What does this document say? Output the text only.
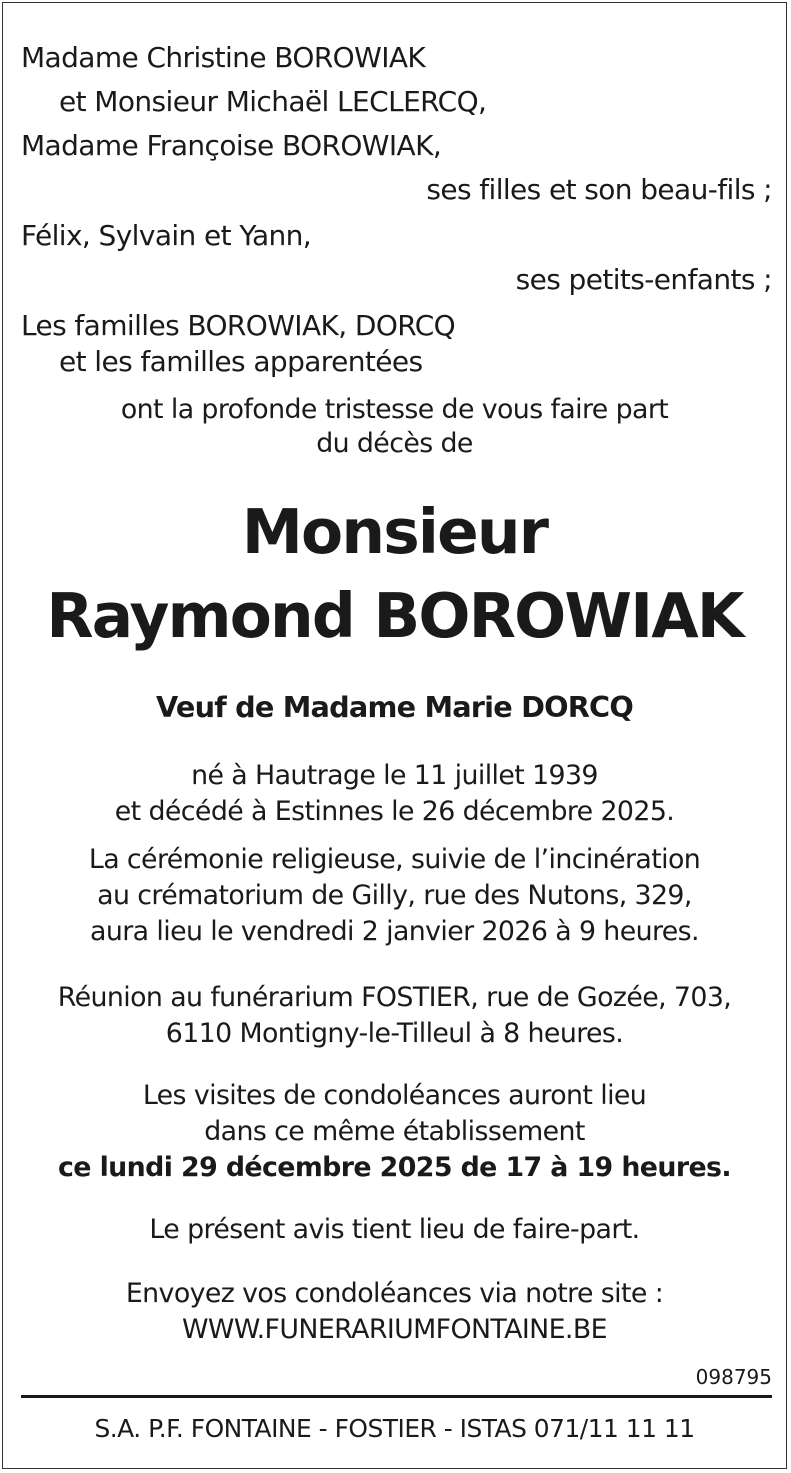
Madame Christine BOROWIAK
et Monsieur Michaël LECLERCQ,
Madame Françoise BOROWIAK,
ses filles et son beau-fils ;
Félix, Sylvain et Yann,
ses petits-enfants ;
Les familles BOROWIAK, DORCQ
et les familles apparentées
ont la profonde tristesse de vous faire part
du décès de
Monsieur
Raymond BOROWIAK
Veuf de Madame Marie DORCQ
né à Hautrage le 11 juillet 1939
et décédé à Estinnes le 26 décembre 2025.
La cérémonie religieuse, suivie de l’incinération
au crématorium de Gilly, rue des Nutons, 329,
aura lieu le vendredi 2 janvier 2026 à 9 heures.
Réunion au funérarium FOSTIER, rue de Gozée, 703,
6110 Montigny-le-Tilleul à 8 heures.
Les visites de condoléances auront lieu
dans ce même établissement
ce lundi 29 décembre 2025 de 17 à 19 heures.
Le présent avis tient lieu de faire-part.
Envoyez vos condoléances via notre site :
WWW.FUNERARIUMFONTAINE.BE
098795
S.A. P.F. FONTAINE - FOSTIER - ISTAS 071/11 11 11
